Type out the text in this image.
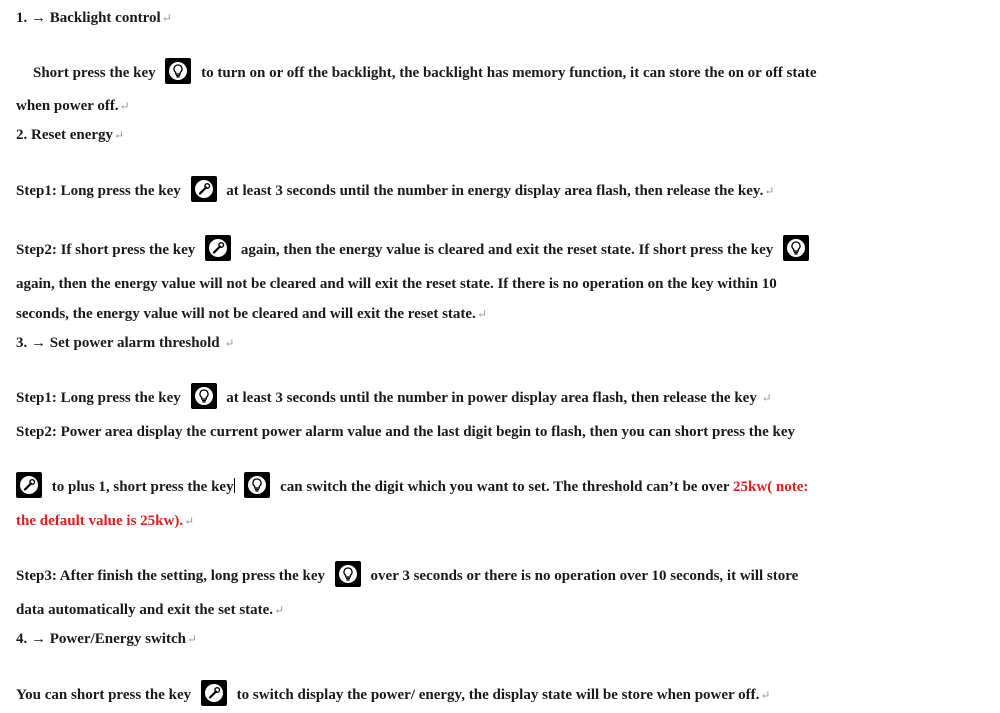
1. → Backlight control↵
Short press the key	to turn on or off the backlight, the backlight has memory function, it can store the on or off state
when power off.↵
2. Reset energy↵
Step1: Long press the key	at least 3 seconds until the number in energy display area flash, then release the key.↵
Step2: If short press the key	again, then the energy value is cleared and exit the reset state. If short press the key
again, then the energy value will not be cleared and will exit the reset state. If there is no operation on the key within 10
seconds, the energy value will not be cleared and will exit the reset state.↵
3. → Set power alarm threshold ↵
Step1: Long press the key	at least 3 seconds until the number in power display area flash, then release the key ↵
Step2: Power area display the current power alarm value and the last digit begin to flash, then you can short press the key
to plus 1, short press the key	can switch the digit which you want to set. The threshold can’t be over 25kw( note:
the default value is 25kw).↵
Step3: After finish the setting, long press the key	over 3 seconds or there is no operation over 10 seconds, it will store
data automatically and exit the set state.↵
4. → Power/Energy switch↵
You can short press the key	to switch display the power/ energy, the display state will be store when power off.↵
